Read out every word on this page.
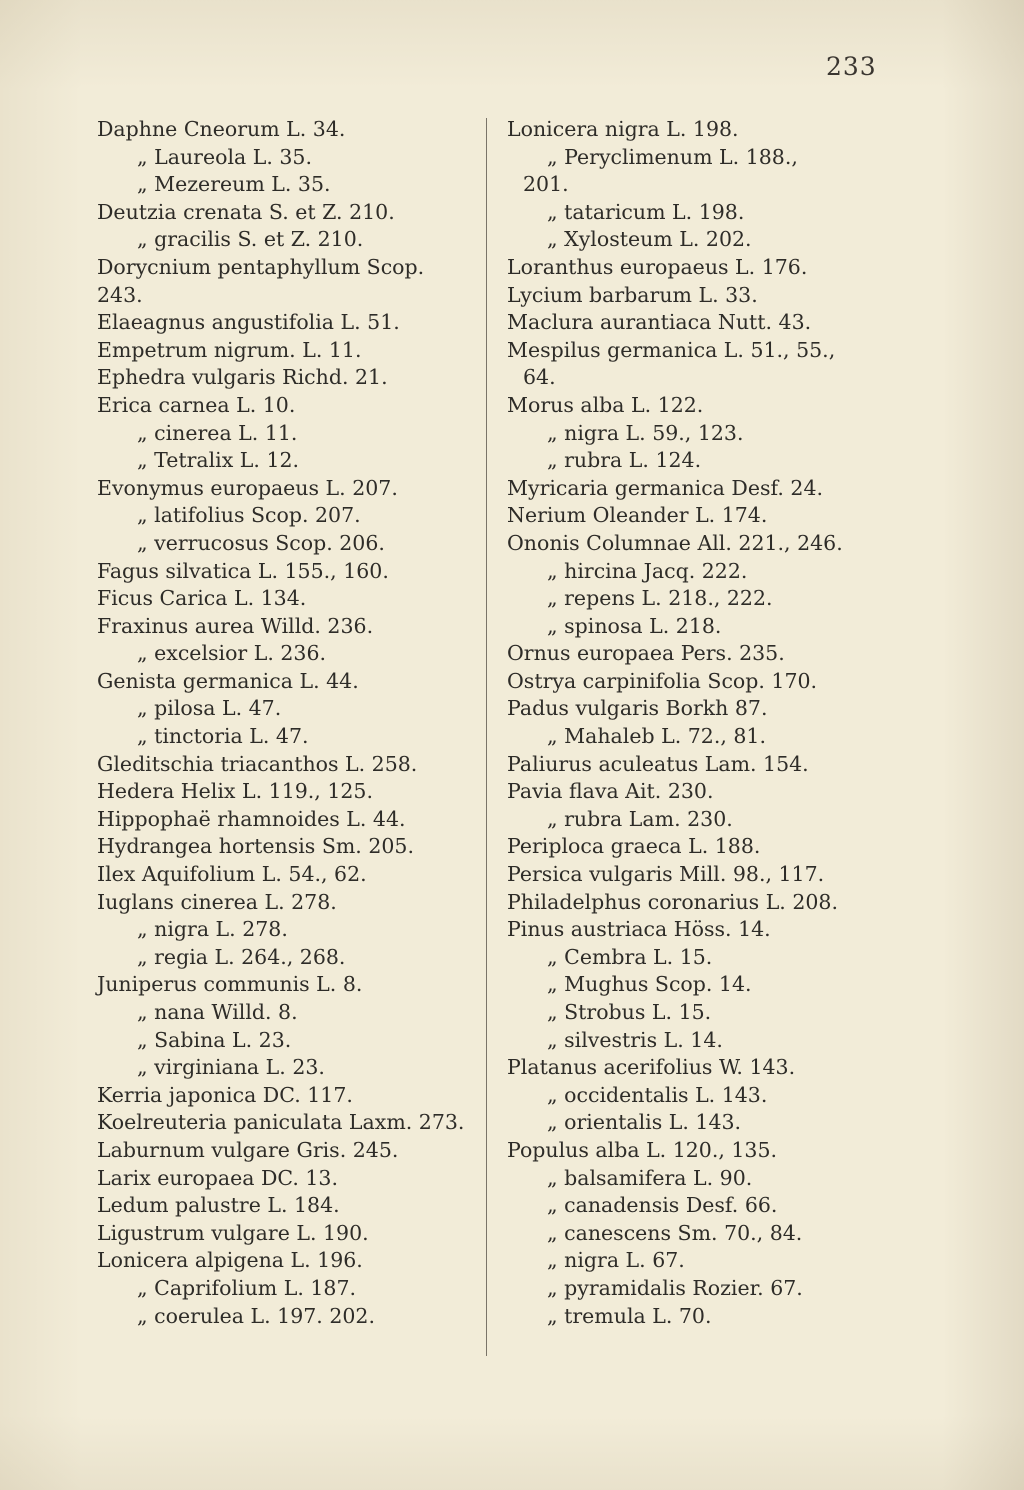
233
Daphne Cneorum L. 34.
„ Laureola L. 35.
„ Mezereum L. 35.
Deutzia crenata S. et Z. 210.
„ gracilis S. et Z. 210.
Dorycnium pentaphyllum Scop.
243.
Elaeagnus angustifolia L. 51.
Empetrum nigrum. L. 11.
Ephedra vulgaris Richd. 21.
Erica carnea L. 10.
„ cinerea L. 11.
„ Tetralix L. 12.
Evonymus europaeus L. 207.
„ latifolius Scop. 207.
„ verrucosus Scop. 206.
Fagus silvatica L. 155., 160.
Ficus Carica L. 134.
Fraxinus aurea Willd. 236.
„ excelsior L. 236.
Genista germanica L. 44.
„ pilosa L. 47.
„ tinctoria L. 47.
Gleditschia triacanthos L. 258.
Hedera Helix L. 119., 125.
Hippophaë rhamnoides L. 44.
Hydrangea hortensis Sm. 205.
Ilex Aquifolium L. 54., 62.
Iuglans cinerea L. 278.
„ nigra L. 278.
„ regia L. 264., 268.
Juniperus communis L. 8.
„ nana Willd. 8.
„ Sabina L. 23.
„ virginiana L. 23.
Kerria japonica DC. 117.
Koelreuteria paniculata Laxm. 273.
Laburnum vulgare Gris. 245.
Larix europaea DC. 13.
Ledum palustre L. 184.
Ligustrum vulgare L. 190.
Lonicera alpigena L. 196.
„ Caprifolium L. 187.
„ coerulea L. 197. 202.
Lonicera nigra L. 198.
„ Peryclimenum L. 188.,
201.
„ tataricum L. 198.
„ Xylosteum L. 202.
Loranthus europaeus L. 176.
Lycium barbarum L. 33.
Maclura aurantiaca Nutt. 43.
Mespilus germanica L. 51., 55.,
64.
Morus alba L. 122.
„ nigra L. 59., 123.
„ rubra L. 124.
Myricaria germanica Desf. 24.
Nerium Oleander L. 174.
Ononis Columnae All. 221., 246.
„ hircina Jacq. 222.
„ repens L. 218., 222.
„ spinosa L. 218.
Ornus europaea Pers. 235.
Ostrya carpinifolia Scop. 170.
Padus vulgaris Borkh 87.
„ Mahaleb L. 72., 81.
Paliurus aculeatus Lam. 154.
Pavia flava Ait. 230.
„ rubra Lam. 230.
Periploca graeca L. 188.
Persica vulgaris Mill. 98., 117.
Philadelphus coronarius L. 208.
Pinus austriaca Höss. 14.
„ Cembra L. 15.
„ Mughus Scop. 14.
„ Strobus L. 15.
„ silvestris L. 14.
Platanus acerifolius W. 143.
„ occidentalis L. 143.
„ orientalis L. 143.
Populus alba L. 120., 135.
„ balsamifera L. 90.
„ canadensis Desf. 66.
„ canescens Sm. 70., 84.
„ nigra L. 67.
„ pyramidalis Rozier. 67.
„ tremula L. 70.
